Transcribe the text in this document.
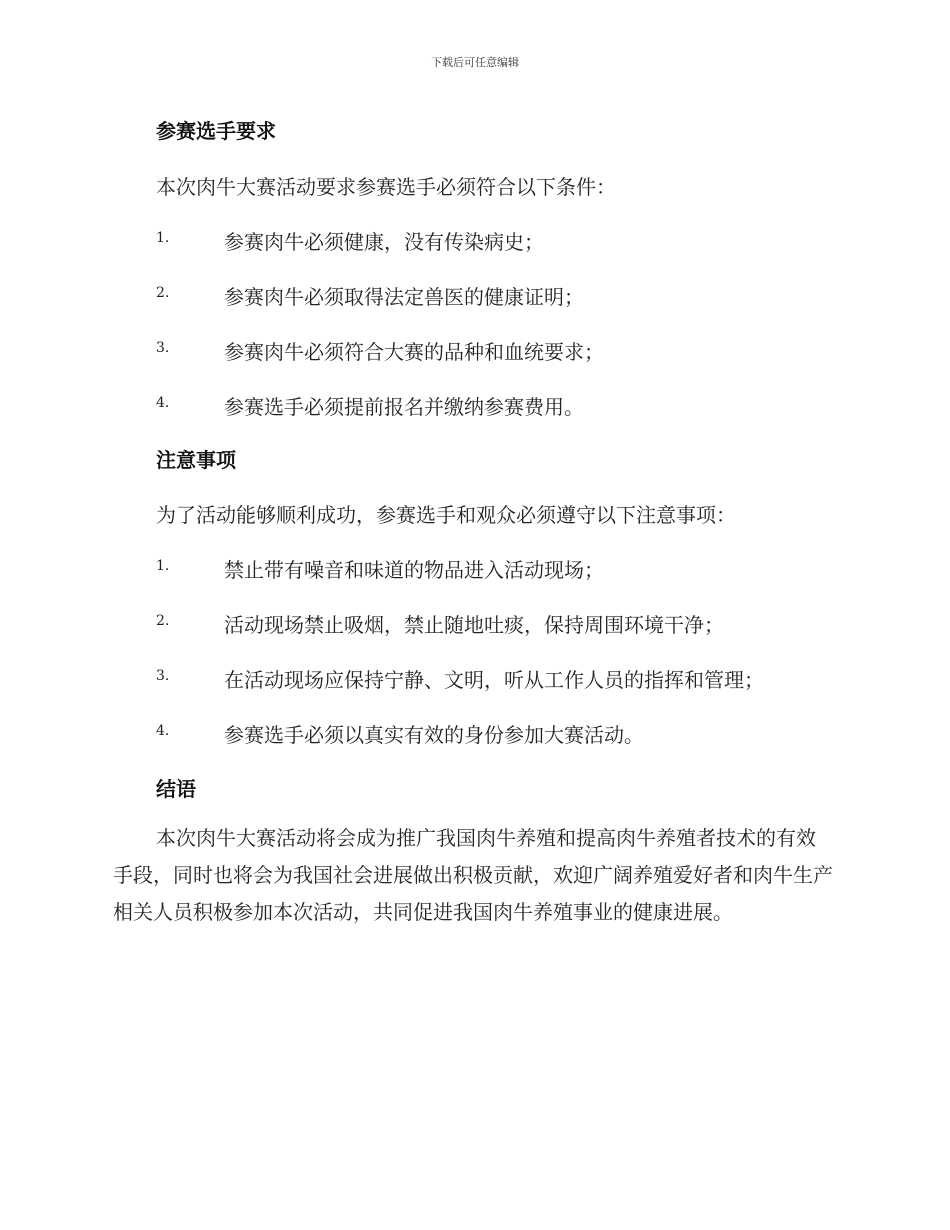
下载后可任意编辑
参赛选手要求
本次肉牛大赛活动要求参赛选手必须符合以下条件：
1.	参赛肉牛必须健康，没有传染病史；
2.	参赛肉牛必须取得法定兽医的健康证明；
3.	参赛肉牛必须符合大赛的品种和血统要求；
4.	参赛选手必须提前报名并缴纳参赛费用。
注意事项
为了活动能够顺利成功，参赛选手和观众必须遵守以下注意事项：
1.	禁止带有噪音和味道的物品进入活动现场；
2.	活动现场禁止吸烟，禁止随地吐痰，保持周围环境干净；
3.	在活动现场应保持宁静、文明，听从工作人员的指挥和管理；
4.	参赛选手必须以真实有效的身份参加大赛活动。
结语
本次肉牛大赛活动将会成为推广我国肉牛养殖和提高肉牛养殖者技术的有效手段，同时也将会为我国社会进展做出积极贡献，欢迎广阔养殖爱好者和肉牛生产相关人员积极参加本次活动，共同促进我国肉牛养殖事业的健康进展。
